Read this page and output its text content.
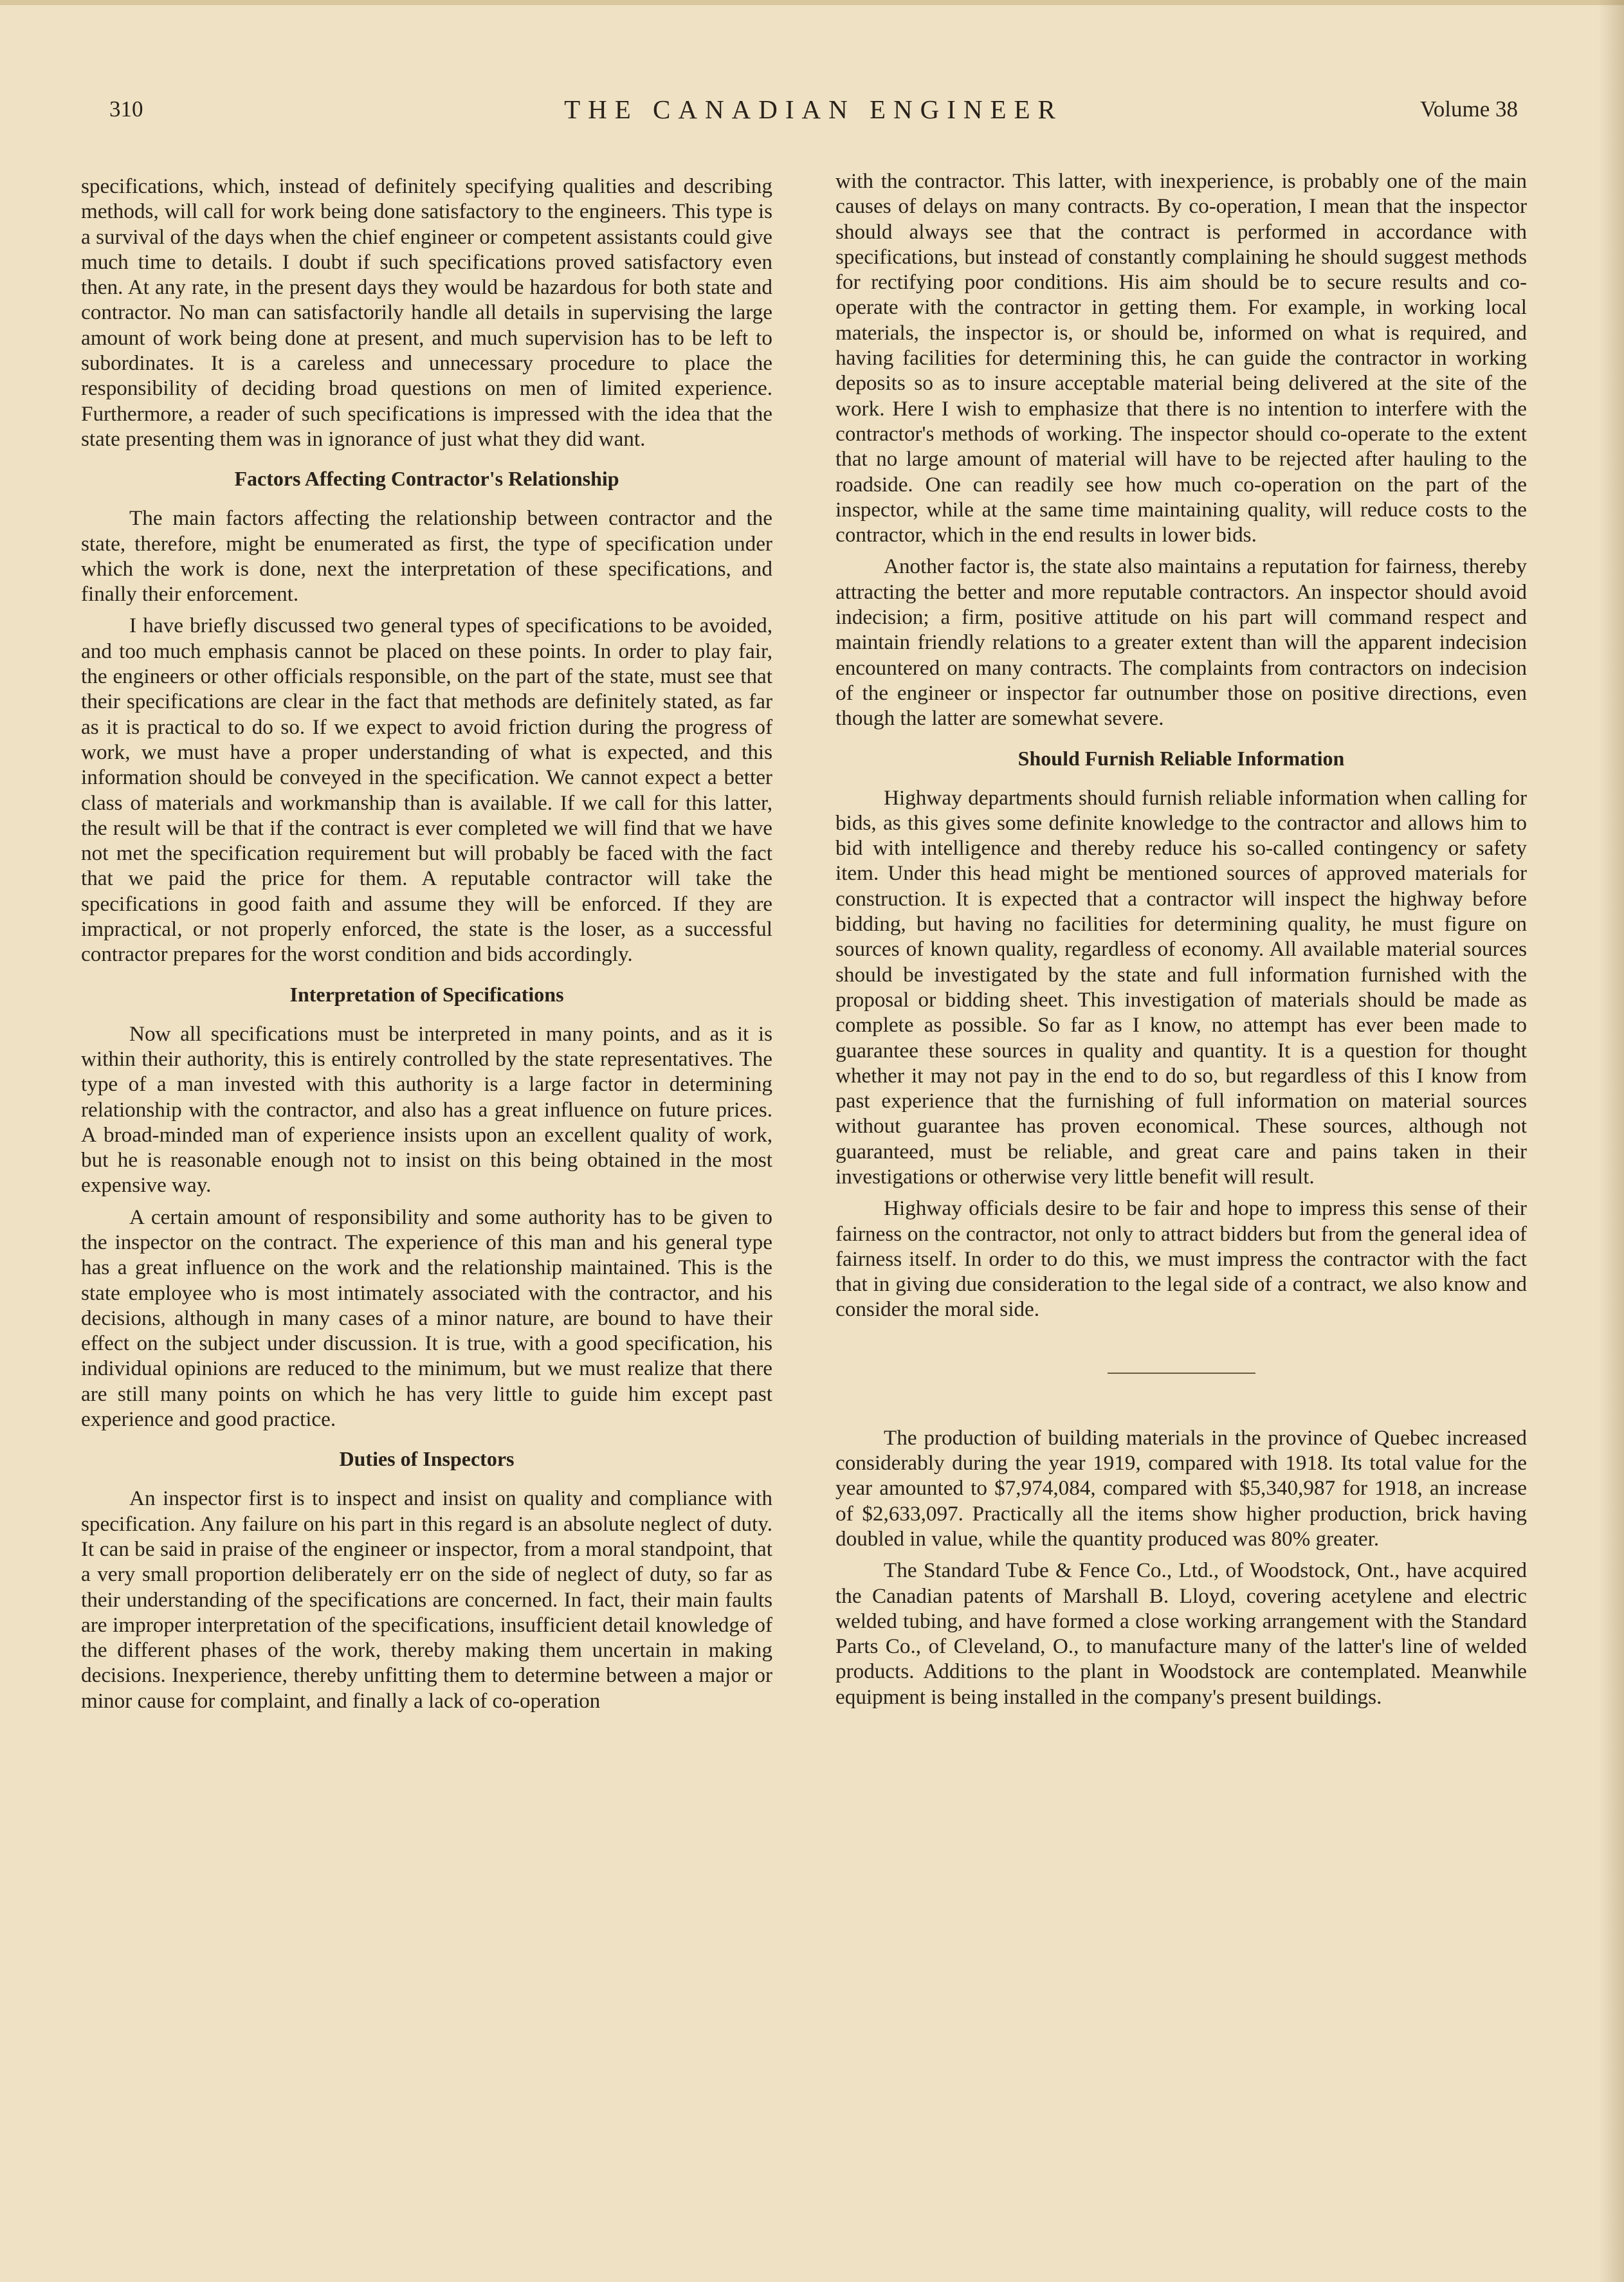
310	THE CANADIAN ENGINEER	Volume 38

specifications, which, instead of definitely specifying qualities and describing methods, will call for work being done satisfactory to the engineers. This type is a survival of the days when the chief engineer or competent assistants could give much time to details. I doubt if such specifications proved satisfactory even then. At any rate, in the present days they would be hazardous for both state and contractor. No man can satisfactorily handle all details in supervising the large amount of work being done at present, and much supervision has to be left to subordinates. It is a careless and unnecessary procedure to place the responsibility of deciding broad questions on men of limited experience. Furthermore, a reader of such specifications is impressed with the idea that the state presenting them was in ignorance of just what they did want.

Factors Affecting Contractor's Relationship

The main factors affecting the relationship between contractor and the state, therefore, might be enumerated as first, the type of specification under which the work is done, next the interpretation of these specifications, and finally their enforcement.

I have briefly discussed two general types of specifications to be avoided, and too much emphasis cannot be placed on these points. In order to play fair, the engineers or other officials responsible, on the part of the state, must see that their specifications are clear in the fact that methods are definitely stated, as far as it is practical to do so. If we expect to avoid friction during the progress of work, we must have a proper understanding of what is expected, and this information should be conveyed in the specification. We cannot expect a better class of materials and workmanship than is available. If we call for this latter, the result will be that if the contract is ever completed we will find that we have not met the specification requirement but will probably be faced with the fact that we paid the price for them. A reputable contractor will take the specifications in good faith and assume they will be enforced. If they are impractical, or not properly enforced, the state is the loser, as a successful contractor prepares for the worst condition and bids accordingly.

Interpretation of Specifications

Now all specifications must be interpreted in many points, and as it is within their authority, this is entirely controlled by the state representatives. The type of a man invested with this authority is a large factor in determining relationship with the contractor, and also has a great influence on future prices. A broad-minded man of experience insists upon an excellent quality of work, but he is reasonable enough not to insist on this being obtained in the most expensive way.

A certain amount of responsibility and some authority has to be given to the inspector on the contract. The experience of this man and his general type has a great influence on the work and the relationship maintained. This is the state employee who is most intimately associated with the contractor, and his decisions, although in many cases of a minor nature, are bound to have their effect on the subject under discussion. It is true, with a good specification, his individual opinions are reduced to the minimum, but we must realize that there are still many points on which he has very little to guide him except past experience and good practice.

Duties of Inspectors

An inspector first is to inspect and insist on quality and compliance with specification. Any failure on his part in this regard is an absolute neglect of duty. It can be said in praise of the engineer or inspector, from a moral standpoint, that a very small proportion deliberately err on the side of neglect of duty, so far as their understanding of the specifications are concerned. In fact, their main faults are improper interpretation of the specifications, insufficient detail knowledge of the different phases of the work, thereby making them uncertain in making decisions. Inexperience, thereby unfitting them to determine between a major or minor cause for complaint, and finally a lack of co-operation

with the contractor. This latter, with inexperience, is probably one of the main causes of delays on many contracts. By co-operation, I mean that the inspector should always see that the contract is performed in accordance with specifications, but instead of constantly complaining he should suggest methods for rectifying poor conditions. His aim should be to secure results and co-operate with the contractor in getting them. For example, in working local materials, the inspector is, or should be, informed on what is required, and having facilities for determining this, he can guide the contractor in working deposits so as to insure acceptable material being delivered at the site of the work. Here I wish to emphasize that there is no intention to interfere with the contractor's methods of working. The inspector should co-operate to the extent that no large amount of material will have to be rejected after hauling to the roadside. One can readily see how much co-operation on the part of the inspector, while at the same time maintaining quality, will reduce costs to the contractor, which in the end results in lower bids.

Another factor is, the state also maintains a reputation for fairness, thereby attracting the better and more reputable contractors. An inspector should avoid indecision; a firm, positive attitude on his part will command respect and maintain friendly relations to a greater extent than will the apparent indecision encountered on many contracts. The complaints from contractors on indecision of the engineer or inspector far outnumber those on positive directions, even though the latter are somewhat severe.

Should Furnish Reliable Information

Highway departments should furnish reliable information when calling for bids, as this gives some definite knowledge to the contractor and allows him to bid with intelligence and thereby reduce his so-called contingency or safety item. Under this head might be mentioned sources of approved materials for construction. It is expected that a contractor will inspect the highway before bidding, but having no facilities for determining quality, he must figure on sources of known quality, regardless of economy. All available material sources should be investigated by the state and full information furnished with the proposal or bidding sheet. This investigation of materials should be made as complete as possible. So far as I know, no attempt has ever been made to guarantee these sources in quality and quantity. It is a question for thought whether it may not pay in the end to do so, but regardless of this I know from past experience that the furnishing of full information on material sources without guarantee has proven economical. These sources, although not guaranteed, must be reliable, and great care and pains taken in their investigations or otherwise very little benefit will result.

Highway officials desire to be fair and hope to impress this sense of their fairness on the contractor, not only to attract bidders but from the general idea of fairness itself. In order to do this, we must impress the contractor with the fact that in giving due consideration to the legal side of a contract, we also know and consider the moral side.

The production of building materials in the province of Quebec increased considerably during the year 1919, compared with 1918. Its total value for the year amounted to $7,974,084, compared with $5,340,987 for 1918, an increase of $2,633,097. Practically all the items show higher production, brick having doubled in value, while the quantity produced was 80% greater.

The Standard Tube & Fence Co., Ltd., of Woodstock, Ont., have acquired the Canadian patents of Marshall B. Lloyd, covering acetylene and electric welded tubing, and have formed a close working arrangement with the Standard Parts Co., of Cleveland, O., to manufacture many of the latter's line of welded products. Additions to the plant in Woodstock are contemplated. Meanwhile equipment is being installed in the company's present buildings.
